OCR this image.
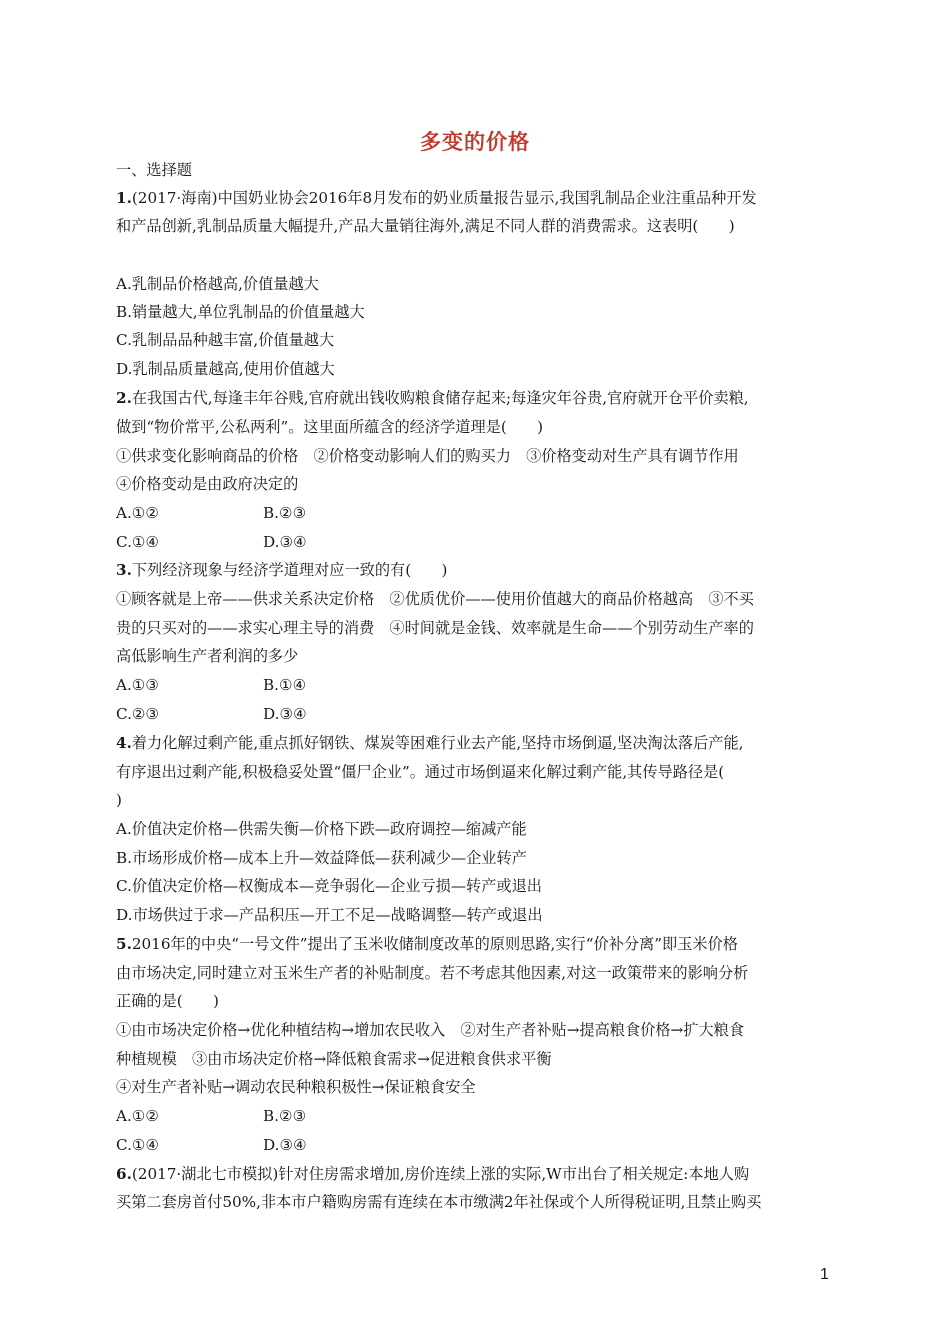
多变的价格
一、选择题
1.(2017·海南)中国奶业协会2016年8月发布的奶业质量报告显示,我国乳制品企业注重品种开发
和产品创新,乳制品质量大幅提升,产品大量销往海外,满足不同人群的消费需求。这表明(　　)
A.乳制品价格越高,价值量越大
B.销量越大,单位乳制品的价值量越大
C.乳制品品种越丰富,价值量越大
D.乳制品质量越高,使用价值越大
2.在我国古代,每逢丰年谷贱,官府就出钱收购粮食储存起来;每逢灾年谷贵,官府就开仓平价卖粮,
做到“物价常平,公私两利”。这里面所蕴含的经济学道理是(　　)
①供求变化影响商品的价格　②价格变动影响人们的购买力　③价格变动对生产具有调节作用
④价格变动是由政府决定的
A.①②	B.②③
C.①④	D.③④
3.下列经济现象与经济学道理对应一致的有(　　)
①顾客就是上帝——供求关系决定价格　②优质优价——使用价值越大的商品价格越高　③不买
贵的只买对的——求实心理主导的消费　④时间就是金钱、效率就是生命——个别劳动生产率的
高低影响生产者利润的多少
A.①③	B.①④
C.②③	D.③④
4.着力化解过剩产能,重点抓好钢铁、煤炭等困难行业去产能,坚持市场倒逼,坚决淘汰落后产能,
有序退出过剩产能,积极稳妥处置“僵尸企业”。通过市场倒逼来化解过剩产能,其传导路径是(
)
A.价值决定价格—供需失衡—价格下跌—政府调控—缩减产能
B.市场形成价格—成本上升—效益降低—获利减少—企业转产
C.价值决定价格—权衡成本—竞争弱化—企业亏损—转产或退出
D.市场供过于求—产品积压—开工不足—战略调整—转产或退出
5.2016年的中央“一号文件”提出了玉米收储制度改革的原则思路,实行“价补分离”即玉米价格
由市场决定,同时建立对玉米生产者的补贴制度。若不考虑其他因素,对这一政策带来的影响分析
正确的是(　　)
①由市场决定价格→优化种植结构→增加农民收入　②对生产者补贴→提高粮食价格→扩大粮食
种植规模　③由市场决定价格→降低粮食需求→促进粮食供求平衡
④对生产者补贴→调动农民种粮积极性→保证粮食安全
A.①②	B.②③
C.①④	D.③④
6.(2017·湖北七市模拟)针对住房需求增加,房价连续上涨的实际,W市出台了相关规定:本地人购
买第二套房首付50%,非本市户籍购房需有连续在本市缴满2年社保或个人所得税证明,且禁止购买
1
